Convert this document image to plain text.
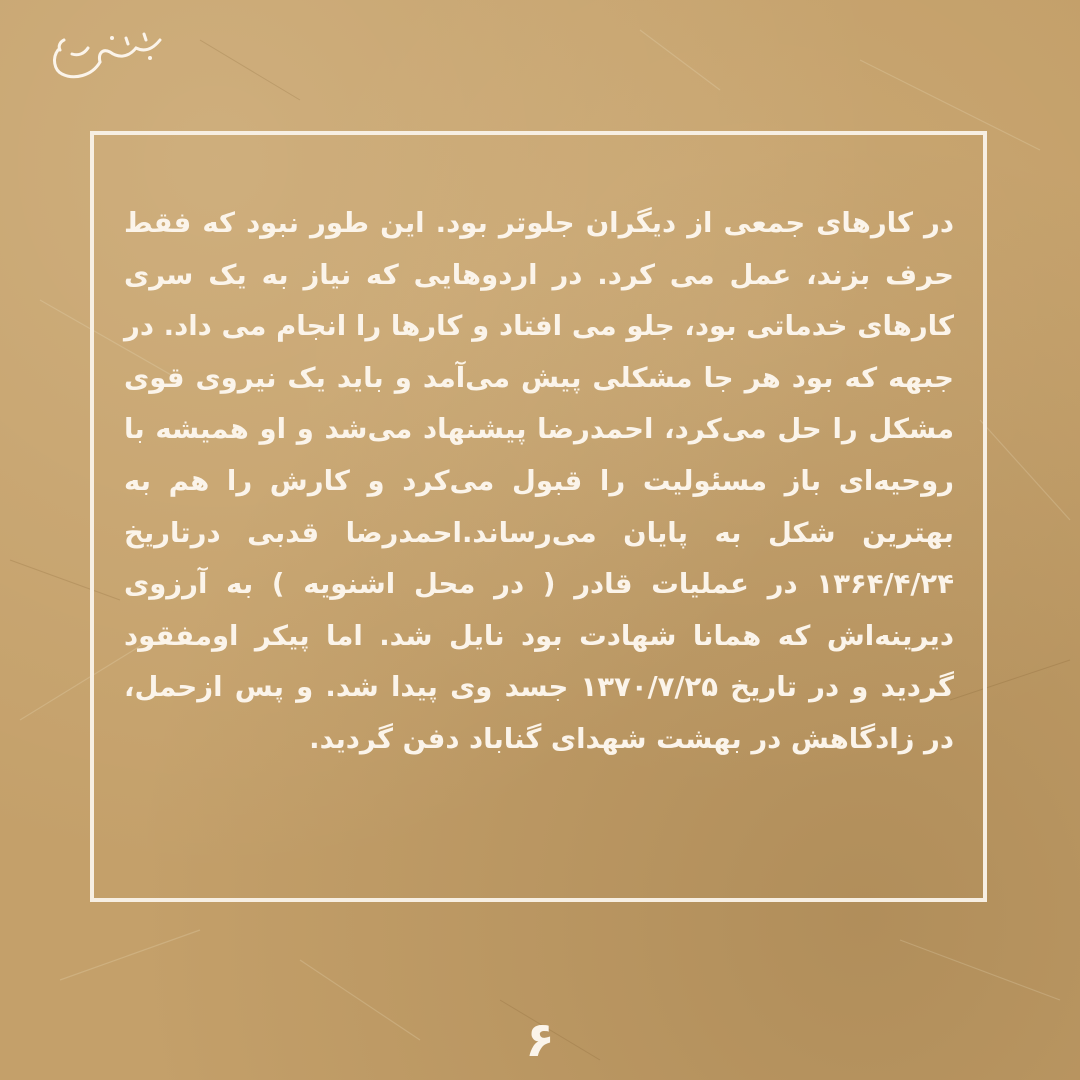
در کارهای جمعی از دیگران جلوتر بود. این طور نبود که فقط حرف بزند، عمل می کرد. در اردوهایی که نیاز به یک سری کارهای خدماتی بود، جلو می افتاد و کارها را انجام می داد. در جبهه که بود هر جا مشکلی پیش می‌آمد و باید یک نیروی قوی مشکل را حل می‌کرد، احمدرضا پیشنهاد می‌شد و او همیشه با روحیه‌ای باز مسئولیت را قبول می‌کرد و کارش را هم به بهترین شکل به پایان می‌رساند.احمدرضا قدبی درتاریخ ۱۳۶۴/۴/۲۴ در عملیات قادر ( در محل اشنویه ) به آرزوی دیرینه‌اش که همانا شهادت بود نایل شد. اما پیکر اومفقود گردید و در تاریخ ۱۳۷۰/۷/۲۵ جسد وی پیدا شد. و پس ازحمل، در زادگاهش در بهشت شهدای گناباد دفن گردید.
۶
